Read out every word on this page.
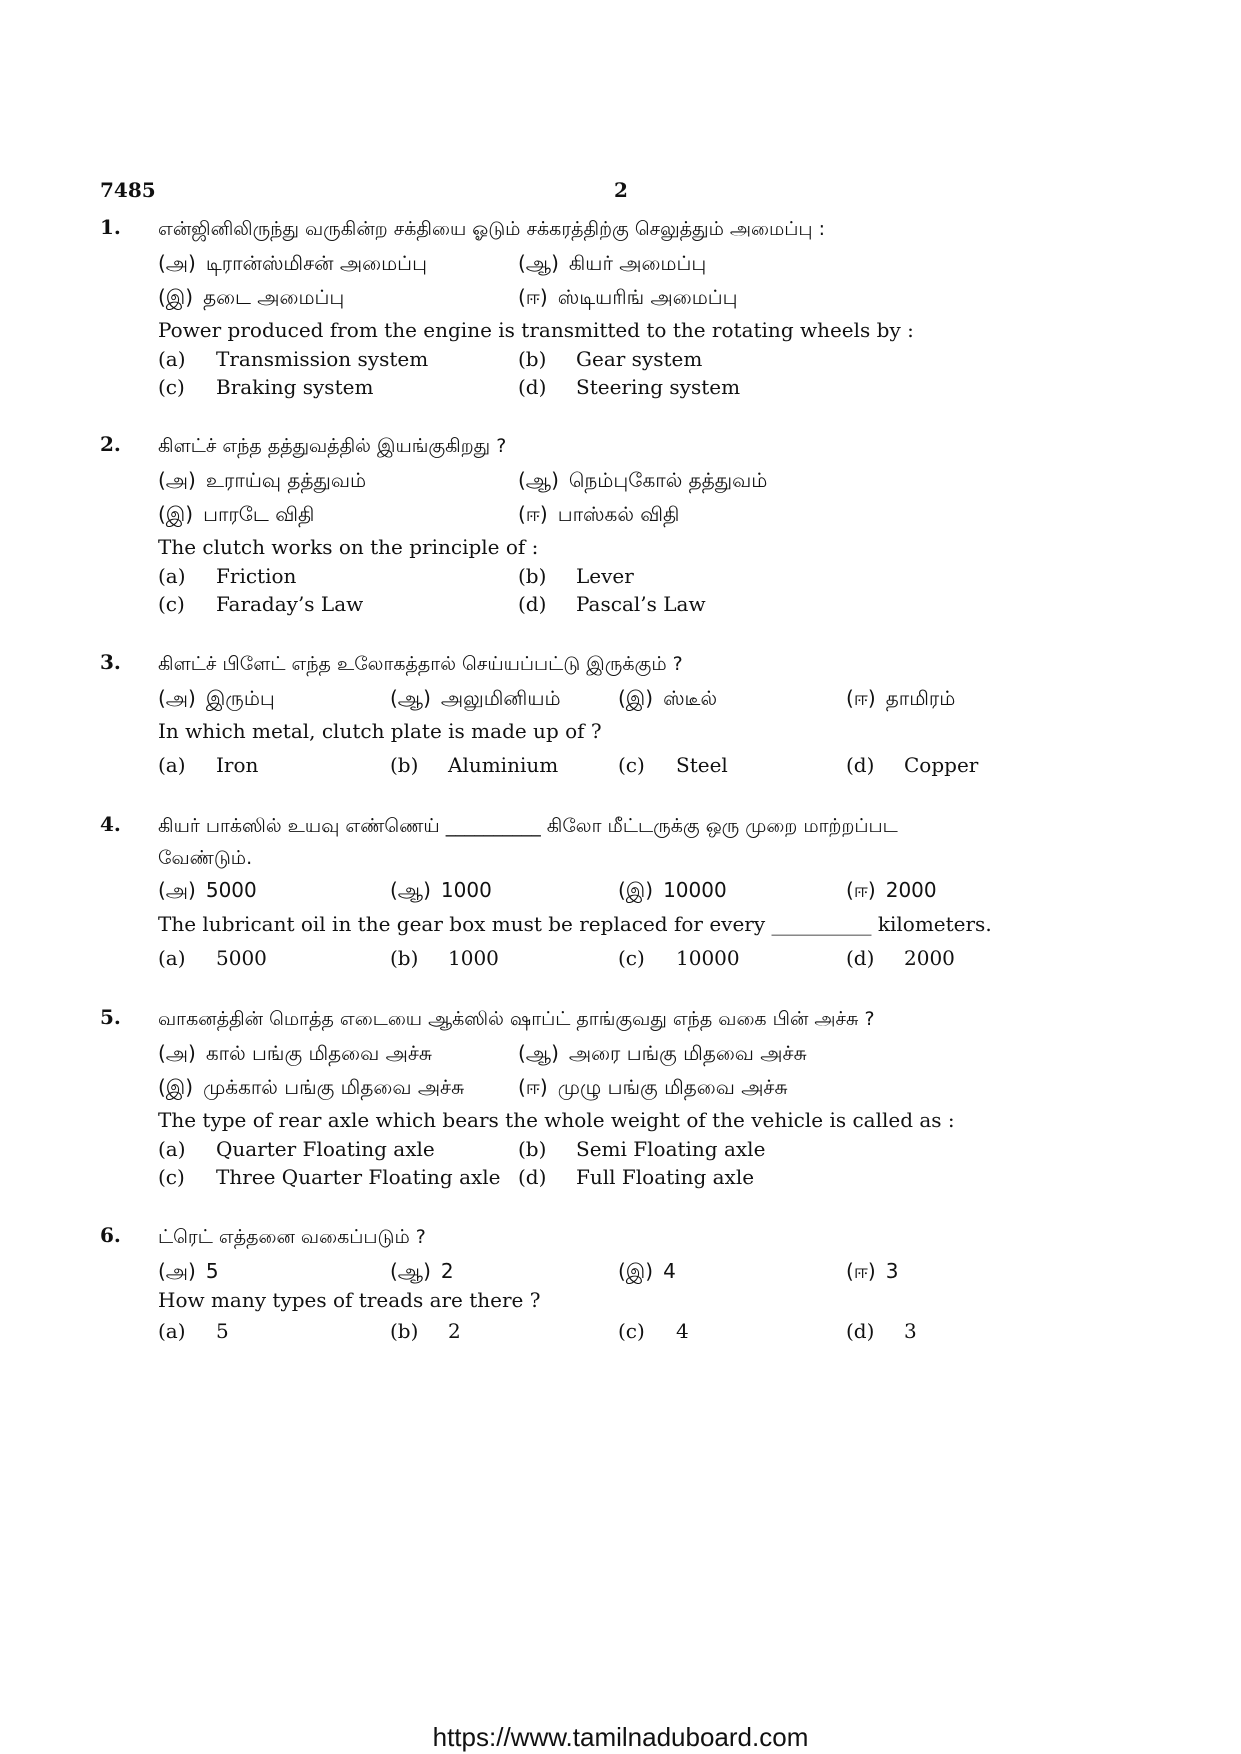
7485	2
1. என்ஜினிலிருந்து வருகின்ற சக்தியை ஓடும் சக்கரத்திற்கு செலுத்தும் அமைப்பு :
(அ) டிரான்ஸ்மிசன் அமைப்பு	(ஆ) கியர் அமைப்பு
(இ) தடை அமைப்பு	(ஈ) ஸ்டியரிங் அமைப்பு
Power produced from the engine is transmitted to the rotating wheels by :
(a) Transmission system	(b) Gear system
(c) Braking system	(d) Steering system
2. கிளட்ச் எந்த தத்துவத்தில் இயங்குகிறது ?
(அ) உராய்வு தத்துவம்	(ஆ) நெம்புகோல் தத்துவம்
(இ) பாரடே விதி	(ஈ) பாஸ்கல் விதி
The clutch works on the principle of :
(a) Friction	(b) Lever
(c) Faraday’s Law	(d) Pascal’s Law
3. கிளட்ச் பிளேட் எந்த உலோகத்தால் செய்யப்பட்டு இருக்கும் ?
(அ) இரும்பு	(ஆ) அலுமினியம்	(இ) ஸ்டீல்	(ஈ) தாமிரம்
In which metal, clutch plate is made up of ?
(a) Iron	(b) Aluminium	(c) Steel	(d) Copper
4. கியர் பாக்ஸில் உயவு எண்ணெய் __________ கிலோ மீட்டருக்கு ஒரு முறை மாற்றப்பட
வேண்டும்.
(அ) 5000	(ஆ) 1000	(இ) 10000	(ஈ) 2000
The lubricant oil in the gear box must be replaced for every __________ kilometers.
(a) 5000	(b) 1000	(c) 10000	(d) 2000
5. வாகனத்தின் மொத்த எடையை ஆக்ஸில் ஷாப்ட் தாங்குவது எந்த வகை பின் அச்சு ?
(அ) கால் பங்கு மிதவை அச்சு	(ஆ) அரை பங்கு மிதவை அச்சு
(இ) முக்கால் பங்கு மிதவை அச்சு	(ஈ) முழு பங்கு மிதவை அச்சு
The type of rear axle which bears the whole weight of the vehicle is called as :
(a) Quarter Floating axle	(b) Semi Floating axle
(c) Three Quarter Floating axle (d) Full Floating axle
6. ட்ரெட் எத்தனை வகைப்படும் ?
(அ) 5	(ஆ) 2	(இ) 4	(ஈ) 3
How many types of treads are there ?
(a) 5	(b) 2	(c) 4	(d) 3
https://www.tamilnaduboard.com
